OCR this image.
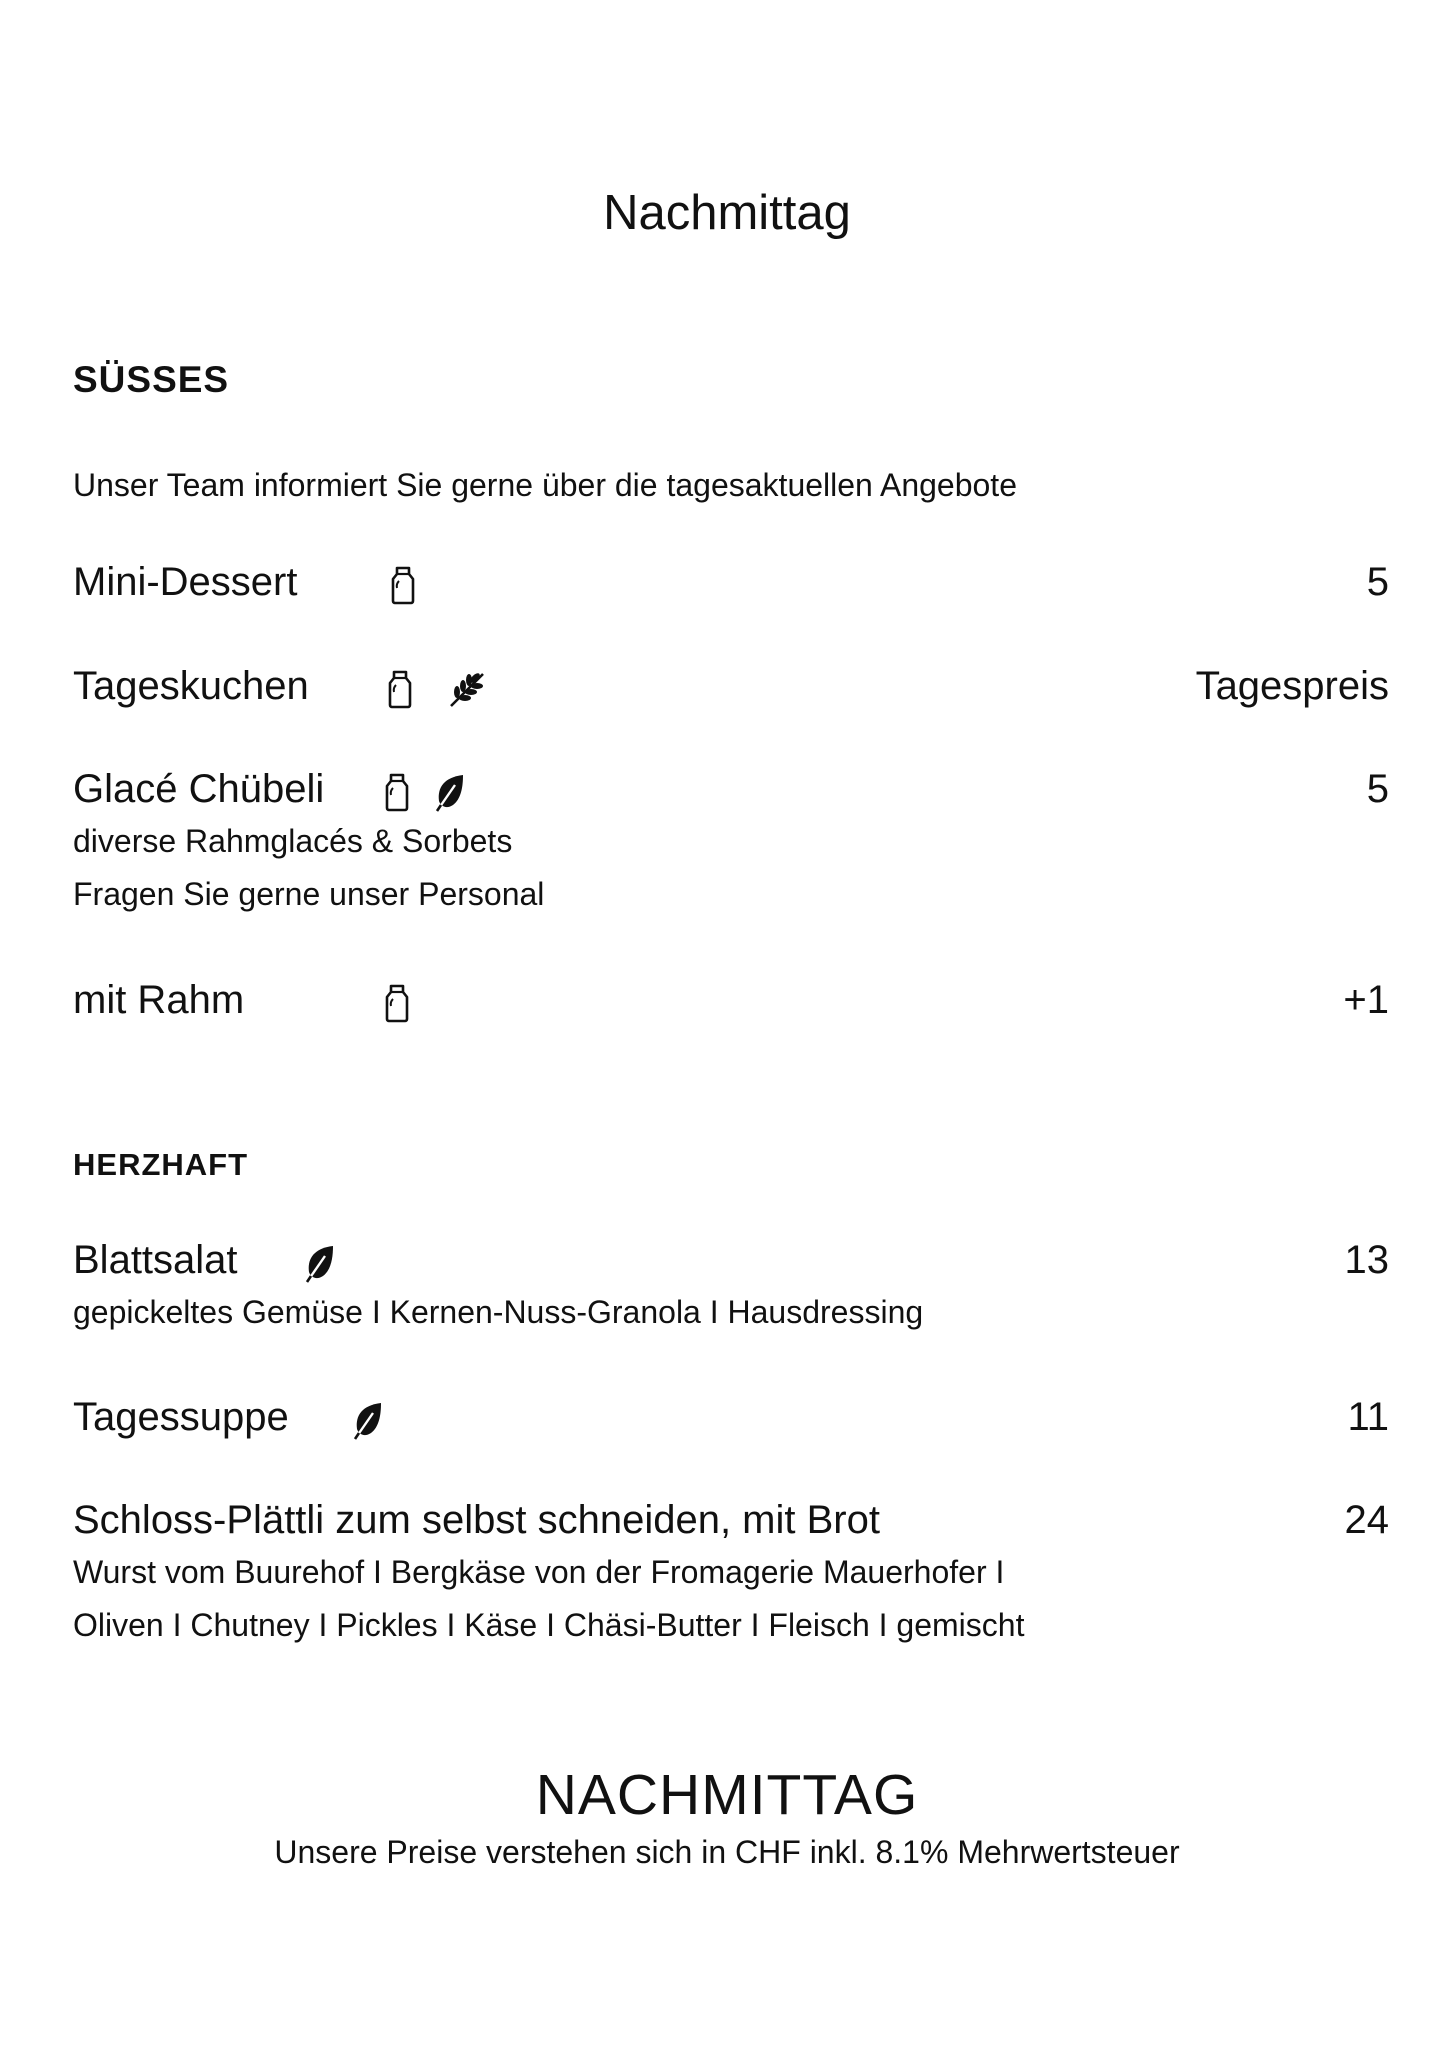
Nachmittag
SÜSSES
Unser Team informiert Sie gerne über die tagesaktuellen Angebote
Mini-Dessert	5
Tageskuchen	Tagespreis
Glacé Chübeli	5
diverse Rahmglacés & Sorbets
Fragen Sie gerne unser Personal
mit Rahm	+1
HERZHAFT
Blattsalat	13
gepickeltes Gemüse I Kernen-Nuss-Granola I Hausdressing
Tagessuppe	11
Schloss-Plättli zum selbst schneiden, mit Brot	24
Wurst vom Buurehof I Bergkäse von der Fromagerie Mauerhofer I
Oliven I Chutney I Pickles I Käse I Chäsi-Butter I Fleisch I gemischt
NACHMITTAG
Unsere Preise verstehen sich in CHF inkl. 8.1% Mehrwertsteuer
